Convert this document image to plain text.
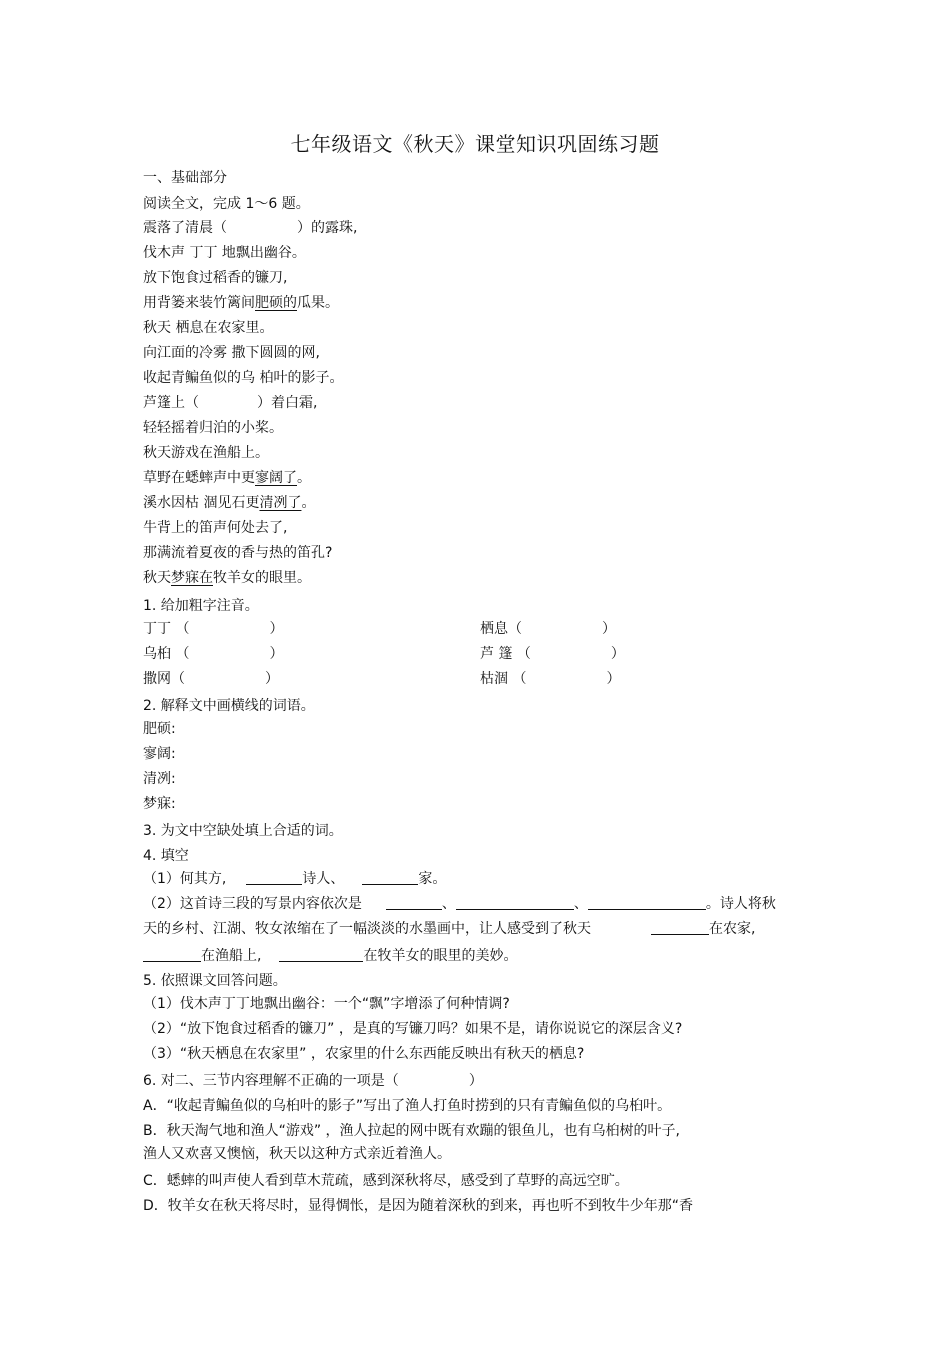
七年级语文《秋天》课堂知识巩固练习题
一、基础部分
阅读全文，完成 1～6 题。
震落了清晨（	）的露珠,
伐木声 丁丁 地飘出幽谷。
放下饱食过稻香的镰刀,
用背篓来装竹篱间肥硕的瓜果。
秋天 栖息在农家里。
向江面的冷雾 撒下圆圆的网,
收起青鳊鱼似的乌 柏叶的影子。
芦篷上（	）着白霜,
轻轻摇着归泊的小桨。
秋天游戏在渔船上。
草野在蟋蟀声中更寥阔了。
溪水因枯 涸见石更清冽了。
牛背上的笛声何处去了,
那满流着夏夜的香与热的笛孔?
秋天梦寐在牧羊女的眼里。
1. 给加粗字注音。
丁丁 （	）	栖息（	）
乌桕 （	）	芦 篷 （	）
撒网（	）	枯涸 （	）
2. 解释文中画横线的词语。
肥硕:
寥阔:
清冽:
梦寐:
3. 为文中空缺处填上合适的词。
4. 填空
（1）何其方,	诗人、	家。
（2）这首诗三段的写景内容依次是	、	、	。诗人将秋
天的乡村、江湖、牧女浓缩在了一幅淡淡的水墨画中，让人感受到了秋天	在农家,
在渔船上,	在牧羊女的眼里的美妙。
5. 依照课文回答问题。
（1）伐木声丁丁地飘出幽谷：一个“飘”字增添了何种情调?
（2）“放下饱食过稻香的镰刀” ，是真的写镰刀吗？如果不是，请你说说它的深层含义?
（3）“秋天栖息在农家里” ，农家里的什么东西能反映出有秋天的栖息?
6. 对二、三节内容理解不正确的一项是（	）
A．“收起青鳊鱼似的乌桕叶的影子”写出了渔人打鱼时捞到的只有青鳊鱼似的乌桕叶。
B．秋天淘气地和渔人“游戏” ，渔人拉起的网中既有欢蹦的银鱼儿，也有乌桕树的叶子,
渔人又欢喜又懊恼，秋天以这种方式亲近着渔人。
C．蟋蟀的叫声使人看到草木荒疏，感到深秋将尽，感受到了草野的高远空旷。
D．牧羊女在秋天将尽时，显得惆怅，是因为随着深秋的到来，再也听不到牧牛少年那“香
